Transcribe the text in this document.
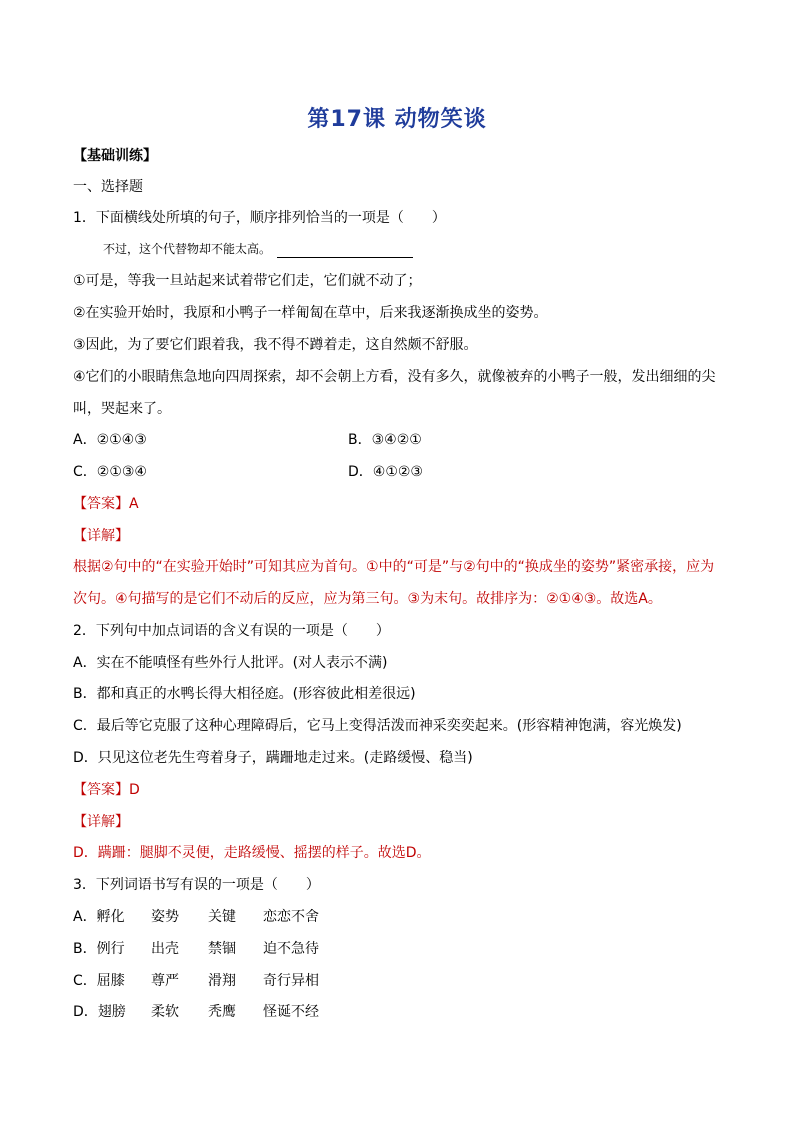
第17课 动物笑谈
【基础训练】
一、选择题
1．下面横线处所填的句子，顺序排列恰当的一项是（　　）
不过，这个代替物却不能太高。
①可是，等我一旦站起来试着带它们走，它们就不动了；
②在实验开始时，我原和小鸭子一样匍匐在草中，后来我逐渐换成坐的姿势。
③因此，为了要它们跟着我，我不得不蹲着走，这自然颇不舒服。
④它们的小眼睛焦急地向四周探索，却不会朝上方看，没有多久，就像被弃的小鸭子一般，发出细细的尖
叫，哭起来了。
A．②①④③	B．③④②①
C．②①③④	D．④①②③
【答案】A
【详解】
根据②句中的“在实验开始时”可知其应为首句。①中的“可是”与②句中的“换成坐的姿势”紧密承接，应为
次句。④句描写的是它们不动后的反应，应为第三句。③为末句。故排序为：②①④③。故选A。
2．下列句中加点词语的含义有误的一项是（　　）
A．实在不能嗔怪有些外行人批评。(对人表示不满)
B．都和真正的水鸭长得大相径庭。(形容彼此相差很远)
C．最后等它克服了这种心理障碍后，它马上变得活泼而神采奕奕起来。(形容精神饱满，容光焕发)
D．只见这位老先生弯着身子，蹒跚地走过来。(走路缓慢、稳当)
【答案】D
【详解】
D．蹒跚：腿脚不灵便，走路缓慢、摇摆的样子。故选D。
3．下列词语书写有误的一项是（　　）
A．孵化 姿势 关键 恋恋不舍
B．例行 出壳 禁锢 迫不急待
C．屈膝 尊严 滑翔 奇行异相
D．翅膀 柔软 秃鹰 怪诞不经
